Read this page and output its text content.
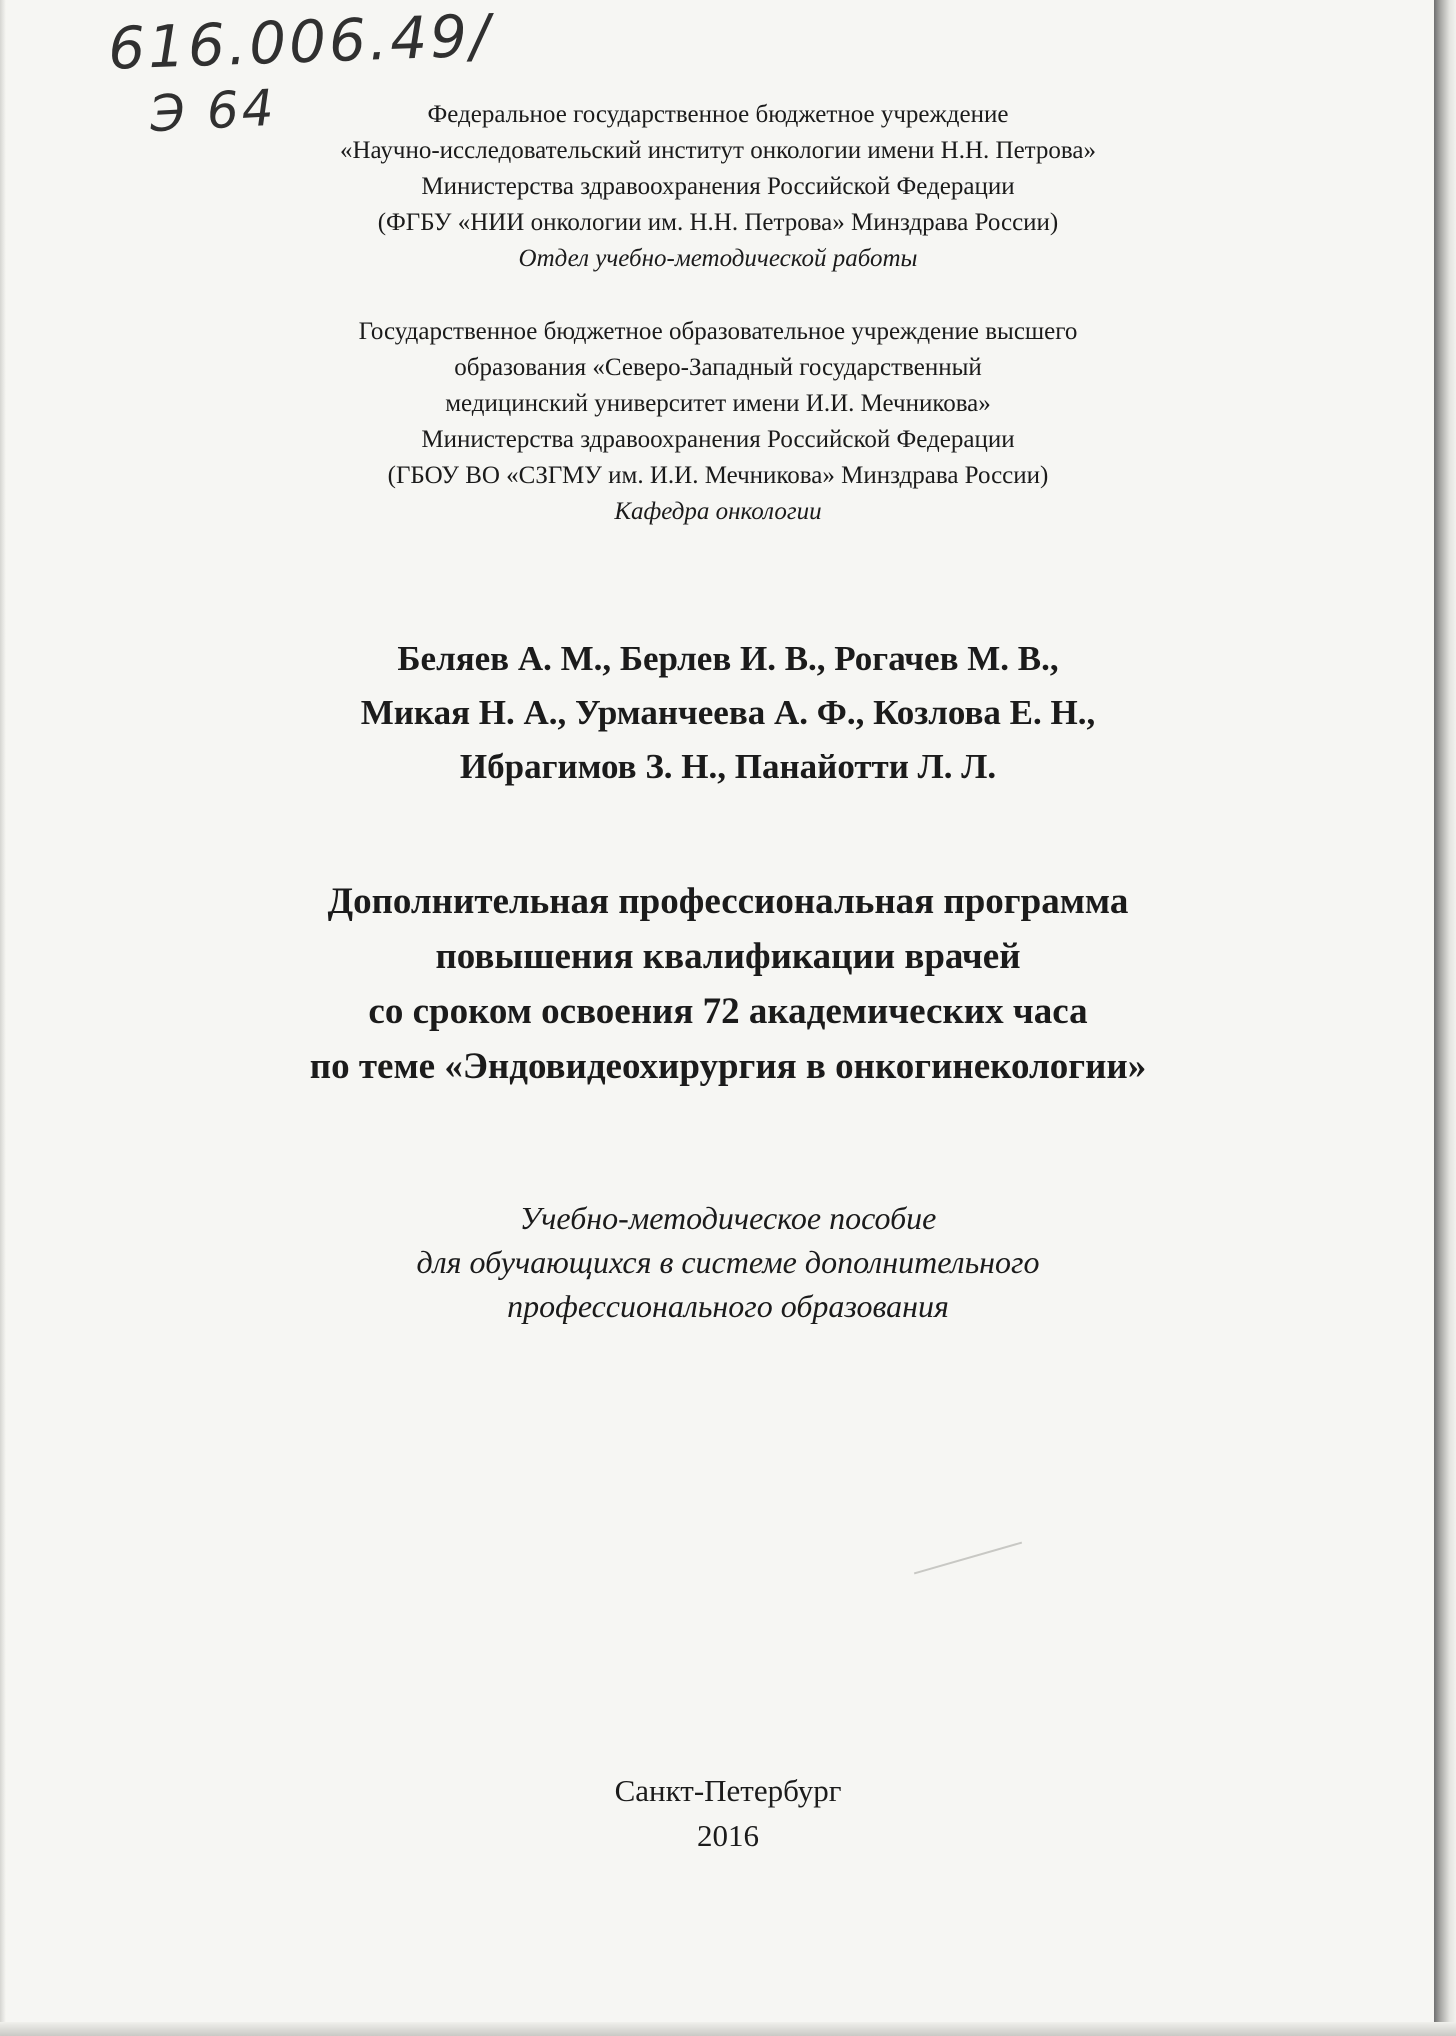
616.006.49/
Э 64	Федеральное государственное бюджетное учреждение
«Научно-исследовательский институт онкологии имени Н.Н. Петрова»
Министерства здравоохранения Российской Федерации
(ФГБУ «НИИ онкологии им. Н.Н. Петрова» Минздрава России)
Отдел учебно-методической работы
Государственное бюджетное образовательное учреждение высшего
образования «Северо-Западный государственный
медицинский университет имени И.И. Мечникова»
Министерства здравоохранения Российской Федерации
(ГБОУ ВО «СЗГМУ им. И.И. Мечникова» Минздрава России)
Кафедра онкологии
Беляев А. М., Берлев И. В., Рогачев М. В.,
Микая Н. А., Урманчеева А. Ф., Козлова Е. Н.,
Ибрагимов З. Н., Панайотти Л. Л.
Дополнительная профессиональная программа
повышения квалификации врачей
со сроком освоения 72 академических часа
по теме «Эндовидеохирургия в онкогинекологии»
Учебно-методическое пособие
для обучающихся в системе дополнительного
профессионального образования
Санкт-Петербург
2016
